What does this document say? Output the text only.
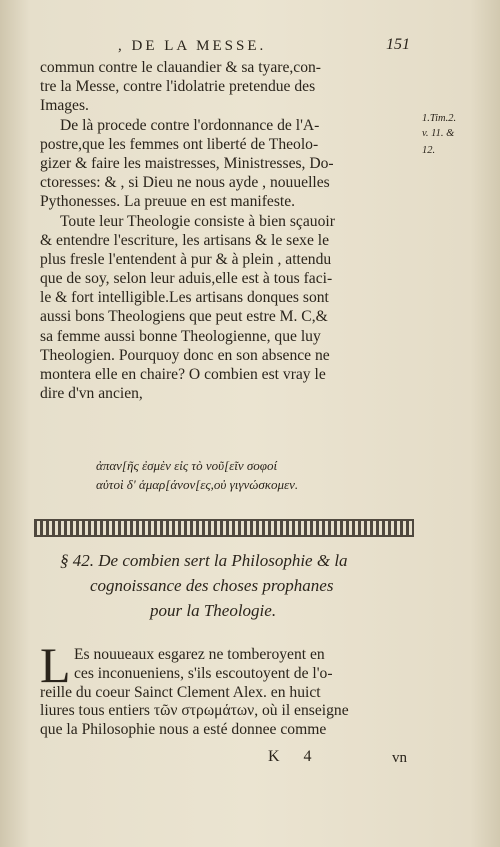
, DE LA MESSE.	151
commun contre le clauandier & sa tyare,con-
tre la Messe, contre l'idolatrie pretendue des
Images.
De là procede contre l'ordonnance de l'A-
postre,que les femmes ont liberté de Theolo-
gizer & faire les maistresses, Ministresses, Do-
ctoresses: & , si Dieu ne nous ayde , nouuelles
Pythonesses. La preuue en est manifeste.
Toute leur Theologie consiste à bien sçauoir
& entendre l'escriture, les artisans & le sexe le
plus fresle l'entendent à pur & à plein , attendu
que de soy, selon leur aduis,elle est à tous faci-
le & fort intelligible.Les artisans donques sont
aussi bons Theologiens que peut estre M. C,&
sa femme aussi bonne Theologienne, que luy
Theologien. Pourquoy donc en son absence ne
montera elle en chaire? O combien est vray le
dire d'vn ancien,
1.Tim.2.
v. 11. &
12.
ἀπαν[ῆς ἐσμὲν εἰς τὸ νοῦ[εῖν σοφοί
αὐτοὶ δ' ἁμαρ[άνον[ες,οὐ γιγνώσκομεν.
§ 42. De combien sert la Philosophie & la
cognoissance des choses prophanes
pour la Theologie.
L Es nouueaux esgarez ne tomberoyent en
ces inconueniens, s'ils escoutoyent de l'o-
reille du coeur Sainct Clement Alex. en huict
liures tous entiers τῶν στρωμάτων, où il enseigne
que la Philosophie nous a esté donnee comme
K 4	vn
